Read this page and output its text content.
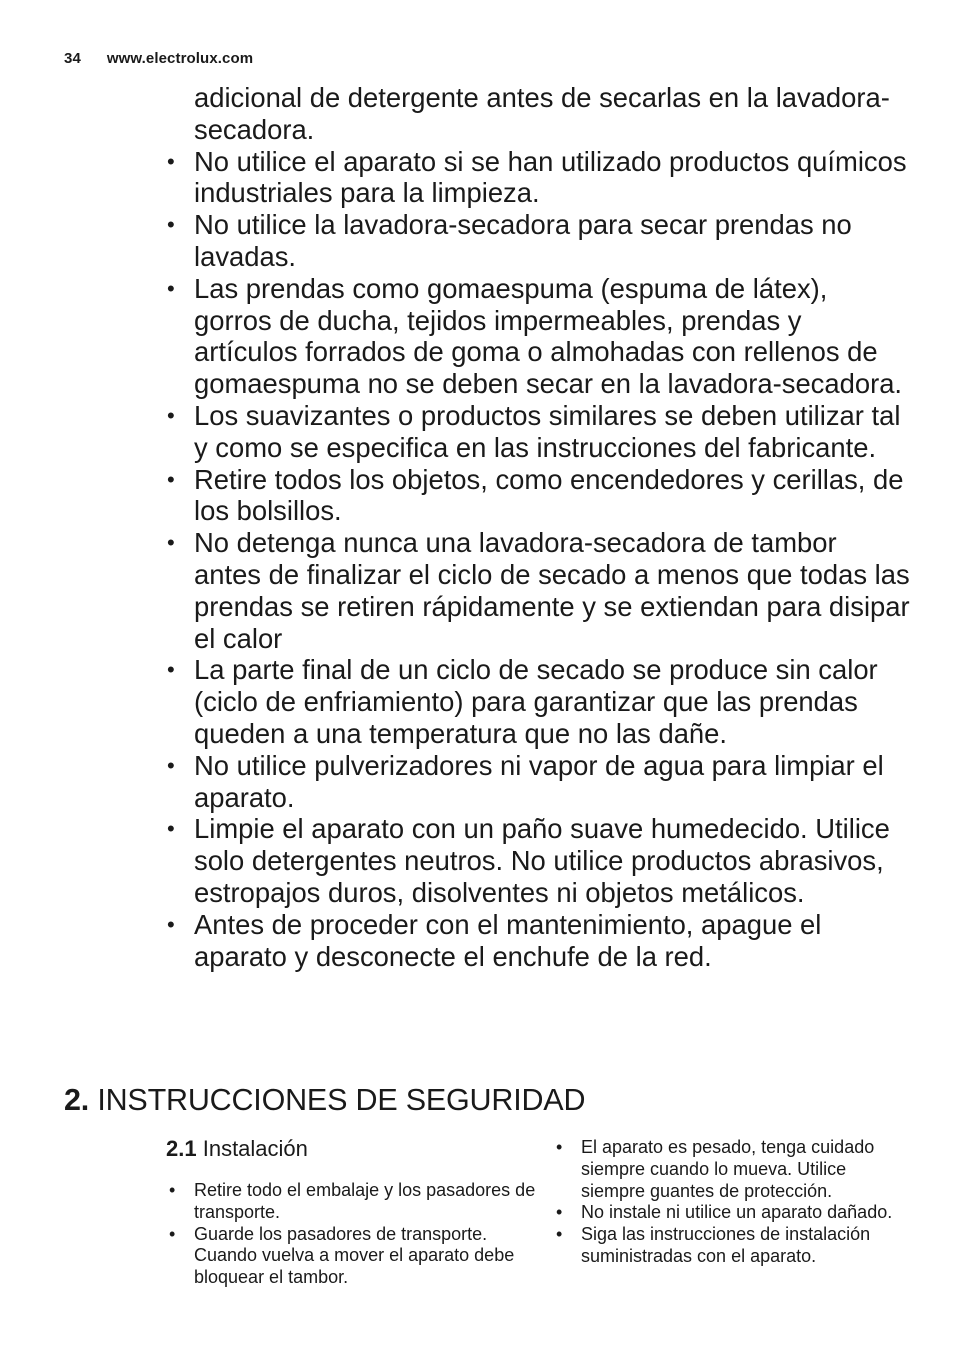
34 www.electrolux.com
adicional de detergente antes de secarlas en la lavadora-secadora.
• No utilice el aparato si se han utilizado productos químicos industriales para la limpieza.
• No utilice la lavadora-secadora para secar prendas no lavadas.
• Las prendas como gomaespuma (espuma de látex), gorros de ducha, tejidos impermeables, prendas y artículos forrados de goma o almohadas con rellenos de gomaespuma no se deben secar en la lavadora-secadora.
• Los suavizantes o productos similares se deben utilizar tal y como se especifica en las instrucciones del fabricante.
• Retire todos los objetos, como encendedores y cerillas, de los bolsillos.
• No detenga nunca una lavadora-secadora de tambor antes de finalizar el ciclo de secado a menos que todas las prendas se retiren rápidamente y se extiendan para disipar el calor
• La parte final de un ciclo de secado se produce sin calor (ciclo de enfriamiento) para garantizar que las prendas queden a una temperatura que no las dañe.
• No utilice pulverizadores ni vapor de agua para limpiar el aparato.
• Limpie el aparato con un paño suave humedecido. Utilice solo detergentes neutros. No utilice productos abrasivos, estropajos duros, disolventes ni objetos metálicos.
• Antes de proceder con el mantenimiento, apague el aparato y desconecte el enchufe de la red.
2. INSTRUCCIONES DE SEGURIDAD
2.1 Instalación
• Retire todo el embalaje y los pasadores de transporte.
• Guarde los pasadores de transporte. Cuando vuelva a mover el aparato debe bloquear el tambor.
• El aparato es pesado, tenga cuidado siempre cuando lo mueva. Utilice siempre guantes de protección.
• No instale ni utilice un aparato dañado.
• Siga las instrucciones de instalación suministradas con el aparato.
